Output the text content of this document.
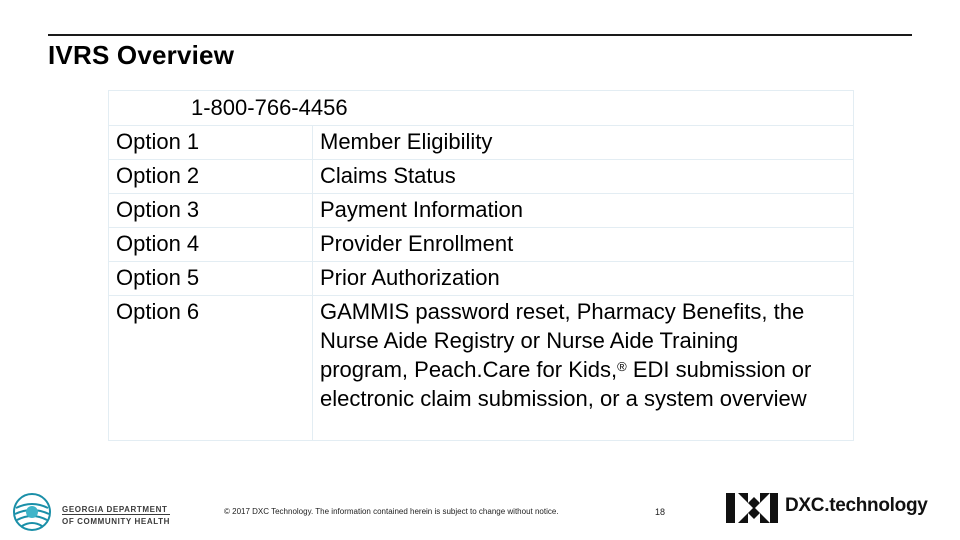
IVRS Overview
1-800-766-4456	

Option 1	Member Eligibility
Option 2	Claims Status
Option 3	Payment Information
Option 4	Provider Enrollment
Option 5	Prior Authorization
Option 6	GAMMIS password reset, Pharmacy Benefits, the Nurse Aide Registry or Nurse Aide Training program, Peach.Care for Kids,® EDI submission or electronic claim submission, or a system overview
GEORGIA DEPARTMENT
OF COMMUNITY HEALTH
© 2017 DXC Technology. The information contained herein is subject to change without notice.	18	DXC.technology
